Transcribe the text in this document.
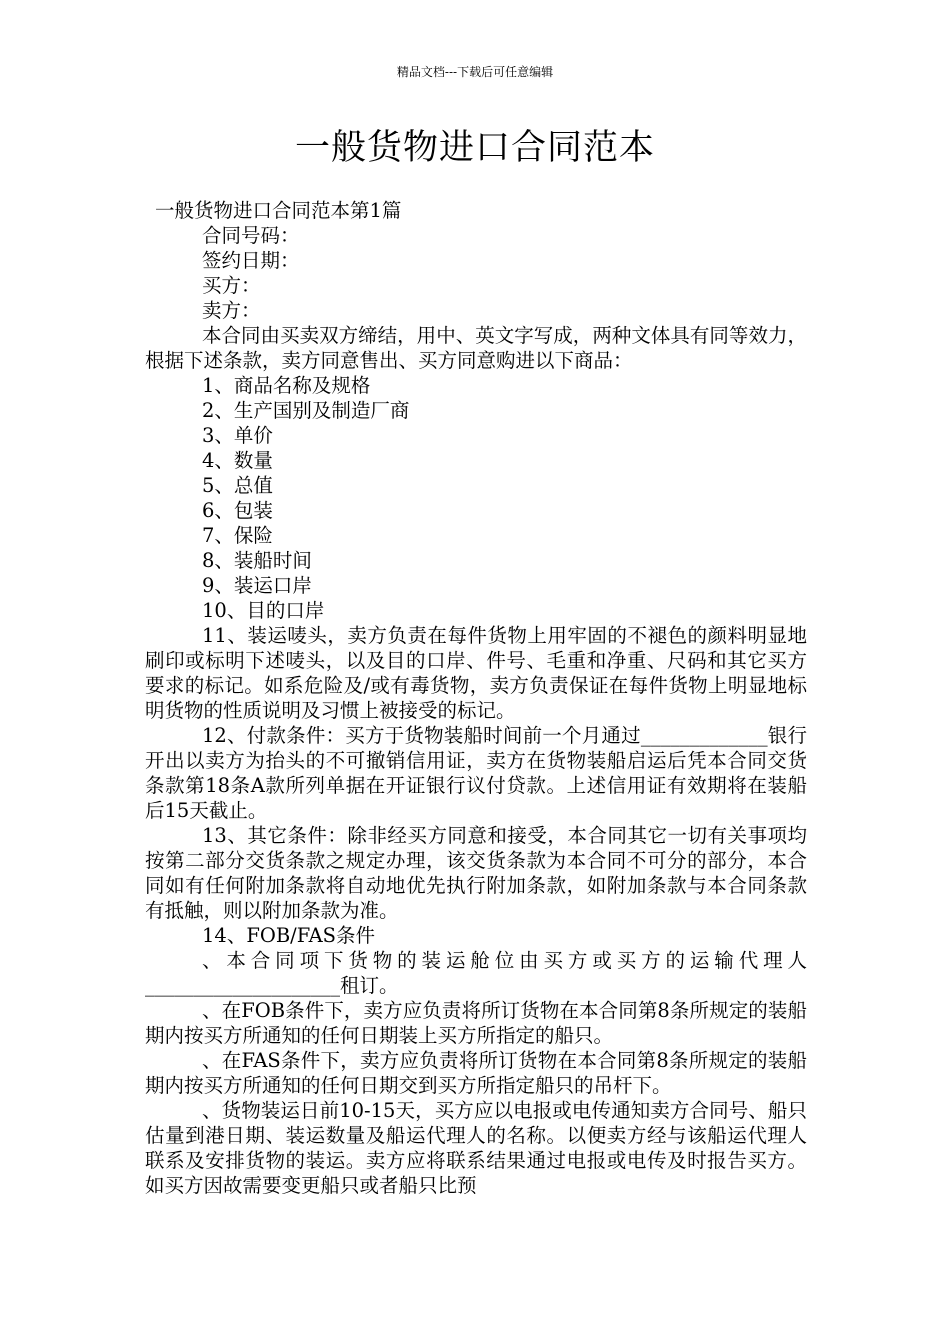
精品文档---下载后可任意编辑
一般货物进口合同范本

一般货物进口合同范本第1篇

合同号码：

签约日期：

买方：

卖方：

本合同由买卖双方缔结，用中、英文字写成，两种文体具有同等效力，根据下述条款，卖方同意售出、买方同意购进以下商品：

1、商品名称及规格

2、生产国别及制造厂商

3、单价

4、数量

5、总值

6、包装

7、保险

8、装船时间

9、装运口岸

10、目的口岸

11、装运唛头，卖方负责在每件货物上用牢固的不褪色的颜料明显地刷印或标明下述唛头，以及目的口岸、件号、毛重和净重、尺码和其它买方要求的标记。如系危险及/或有毒货物，卖方负责保证在每件货物上明显地标明货物的性质说明及习惯上被接受的标记。

12、付款条件：买方于货物装船时间前一个月通过_____________银行开出以卖方为抬头的不可撤销信用证，卖方在货物装船启运后凭本合同交货条款第18条A款所列单据在开证银行议付贷款。上述信用证有效期将在装船后15天截止。

13、其它条件：除非经买方同意和接受，本合同其它一切有关事项均按第二部分交货条款之规定办理，该交货条款为本合同不可分的部分，本合同如有任何附加条款将自动地优先执行附加条款，如附加条款与本合同条款有抵触，则以附加条款为准。

14、FOB/FAS条件

、本合同项下货物的装运舱位由买方或买方的运输代理人____________________租订。

、在FOB条件下，卖方应负责将所订货物在本合同第8条所规定的装船期内按买方所通知的任何日期装上买方所指定的船只。

、在FAS条件下，卖方应负责将所订货物在本合同第8条所规定的装船期内按买方所通知的任何日期交到买方所指定船只的吊杆下。

、货物装运日前10-15天，买方应以电报或电传通知卖方合同号、船只估量到港日期、装运数量及船运代理人的名称。以便卖方经与该船运代理人联系及安排货物的装运。卖方应将联系结果通过电报或电传及时报告买方。如买方因故需要变更船只或者船只比预
